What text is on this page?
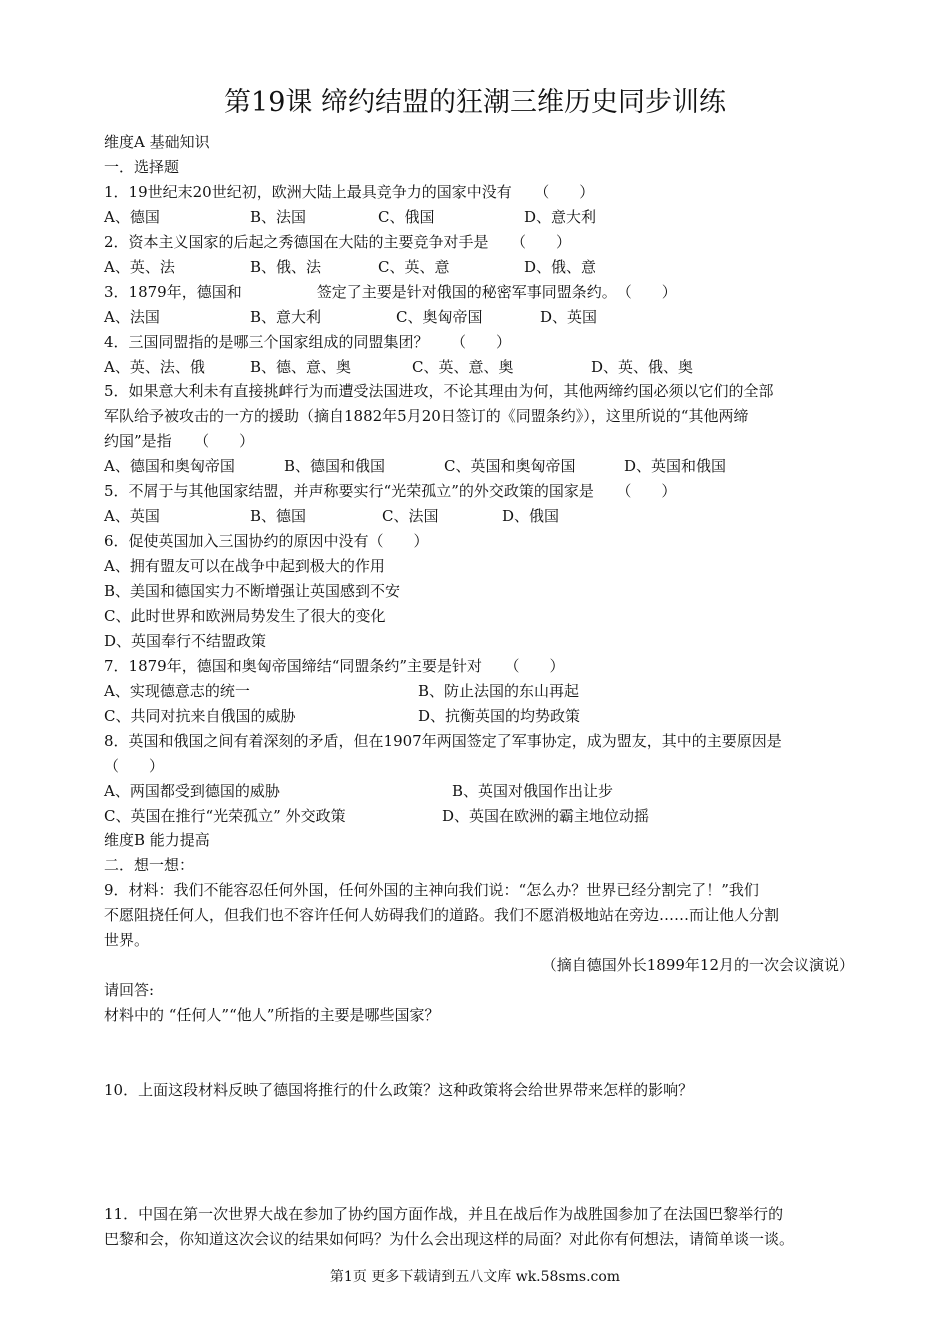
第19课 缔约结盟的狂潮三维历史同步训练
维度A 基础知识
一．选择题
1．19世纪末20世纪初，欧洲大陆上最具竞争力的国家中没有　　（　　）
A、德国	B、法国	C、俄国	D、意大利
2．资本主义国家的后起之秀德国在大陆的主要竞争对手是　　（　　）
A、英、法	B、俄、法	C、英、意	D、俄、意
3．1879年，德国和　　　　　签定了主要是针对俄国的秘密军事同盟条约。　（　　）
A、法国	B、意大利	C、奥匈帝国	D、英国
4．三国同盟指的是哪三个国家组成的同盟集团？　　（　　）
A、英、法、俄	B、德、意、奥	C、英、意、奥	D、英、俄、奥
5．如果意大利未有直接挑衅行为而遭受法国进攻，不论其理由为何，其他两缔约国必须以它们的全部
军队给予被攻击的一方的援助（摘自1882年5月20日签订的《同盟条约》），这里所说的“其他两缔
约国”是指　　（　　）
A、德国和奥匈帝国	B、德国和俄国	C、英国和奥匈帝国	D、英国和俄国
5．不屑于与其他国家结盟，并声称要实行“光荣孤立”的外交政策的国家是　　（　　）
A、英国	B、德国	C、法国	D、俄国
6．促使英国加入三国协约的原因中没有（　　）
A、拥有盟友可以在战争中起到极大的作用
B、美国和德国实力不断增强让英国感到不安
C、此时世界和欧洲局势发生了很大的变化
D、英国奉行不结盟政策
7．1879年，德国和奥匈帝国缔结“同盟条约”主要是针对　　（　　）
A、实现德意志的统一	B、防止法国的东山再起
C、共同对抗来自俄国的威胁	D、抗衡英国的均势政策
8．英国和俄国之间有着深刻的矛盾，但在1907年两国签定了军事协定，成为盟友，其中的主要原因是
（　　）
A、两国都受到德国的威胁	B、英国对俄国作出让步
C、英国在推行“光荣孤立” 外交政策	D、英国在欧洲的霸主地位动摇
维度B 能力提高
二．想一想：
9．材料：我们不能容忍任何外国，任何外国的主神向我们说：“怎么办？世界已经分割完了！”我们
不愿阻挠任何人，但我们也不容许任何人妨碍我们的道路。我们不愿消极地站在旁边……而让他人分割
世界。
（摘自德国外长1899年12月的一次会议演说）
请回答:
材料中的 “任何人”“他人”所指的主要是哪些国家？
10．上面这段材料反映了德国将推行的什么政策？这种政策将会给世界带来怎样的影响？
11．中国在第一次世界大战在参加了协约国方面作战，并且在战后作为战胜国参加了在法国巴黎举行的
巴黎和会，你知道这次会议的结果如何吗？为什么会出现这样的局面？对此你有何想法，请简单谈一谈。
第1页 更多下载请到五八文库 wk.58sms.com
